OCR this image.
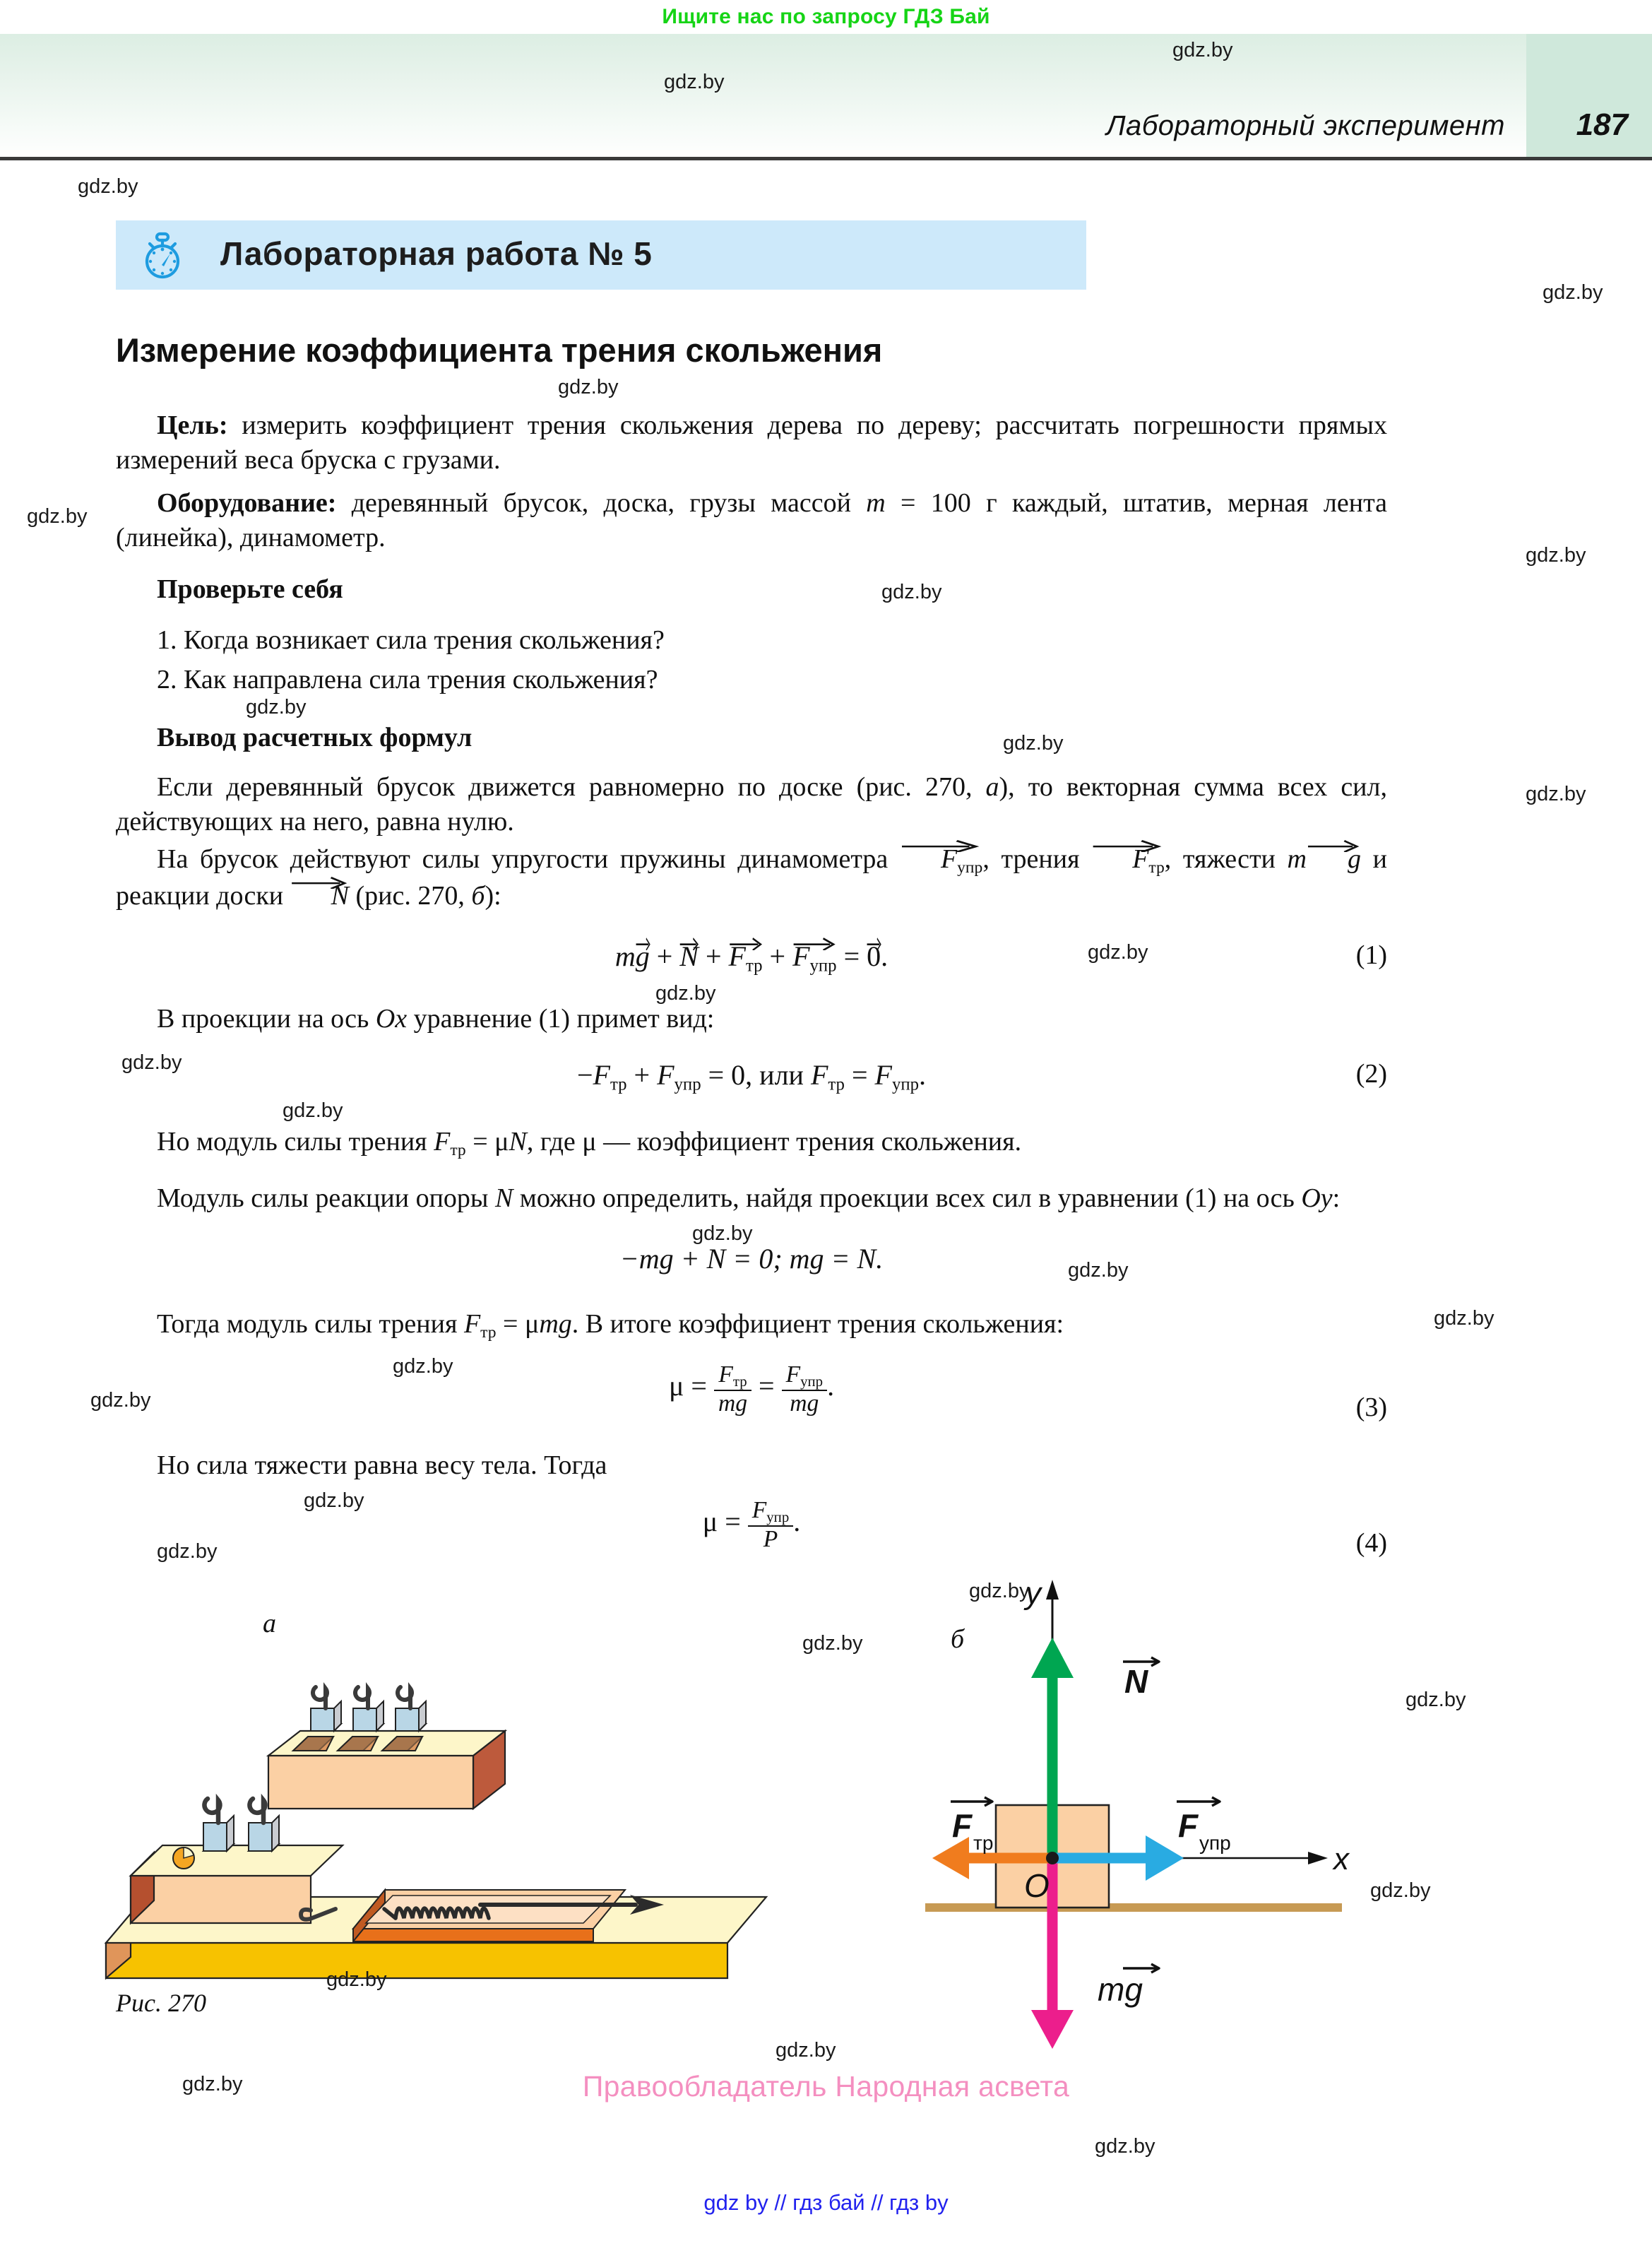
Ищите нас по запросу ГДЗ Бай
Лабораторный эксперимент 187
Лабораторная работа № 5
Измерение коэффициента трения скольжения
Цель: измерить коэффициент трения скольжения дерева по дереву; рассчитать погрешности прямых измерений веса бруска с грузами.
Оборудование: деревянный брусок, доска, грузы массой m = 100 г каждый, штатив, мерная лента (линейка), динамометр.
Проверьте себя
1. Когда возникает сила трения скольжения?
2. Как направлена сила трения скольжения?
Вывод расчетных формул
Если деревянный брусок движется равномерно по доске (рис. 270, а), то векторная сумма всех сил, действующих на него, равна нулю.
На брусок действуют силы упругости пружины динамометра
$F_{упр}$, трения
$F_{тр}$, тяжести m g и реакции доски
N (рис. 270, б):
m
$g + N + F_{тр} + F_{упр} = 0$.	(1)
В проекции на ось Ox уравнение (1) примет вид:
$-F_{тр} + F_{упр} = 0$, или $F_{тр} = F_{упр}$.	(2)
Но модуль силы трения $F_{тр} = \mu N$, где μ — коэффициент трения скольжения.
Модуль силы реакции опоры N можно определить, найдя проекции всех сил в уравнении (1) на ось Oy:
−mg + N = 0; mg = N.
Тогда модуль силы трения $F_{тр} = \mu mg$. В итоге коэффициент трения скольжения:
$\mu = \frac{F_{тр}}{mg} = \frac{F_{упр}}{mg}$ .
(3)
Но сила тяжести равна весу тела. Тогда
$\mu = \frac{F_{упр}}{P}$ .
(4)
а
Рис. 270
б
y
x
O
N
F тр	F упр
mg
Правообладатель Народная асвета
gdz by // гдз бай // гдз by
gdz.by
gdz.by
gdz.by
gdz.by
gdz.by
gdz.by
gdz.by
gdz.by
gdz.by
gdz.by
gdz.by
gdz.by
gdz.by
gdz.by
gdz.by
gdz.by
gdz.by
gdz.by
gdz.by
gdz.by
gdz.by
gdz.by
gdz.by
gdz.by
gdz.by
gdz.by
gdz.by
gdz.by
gdz.by
gdz.by
